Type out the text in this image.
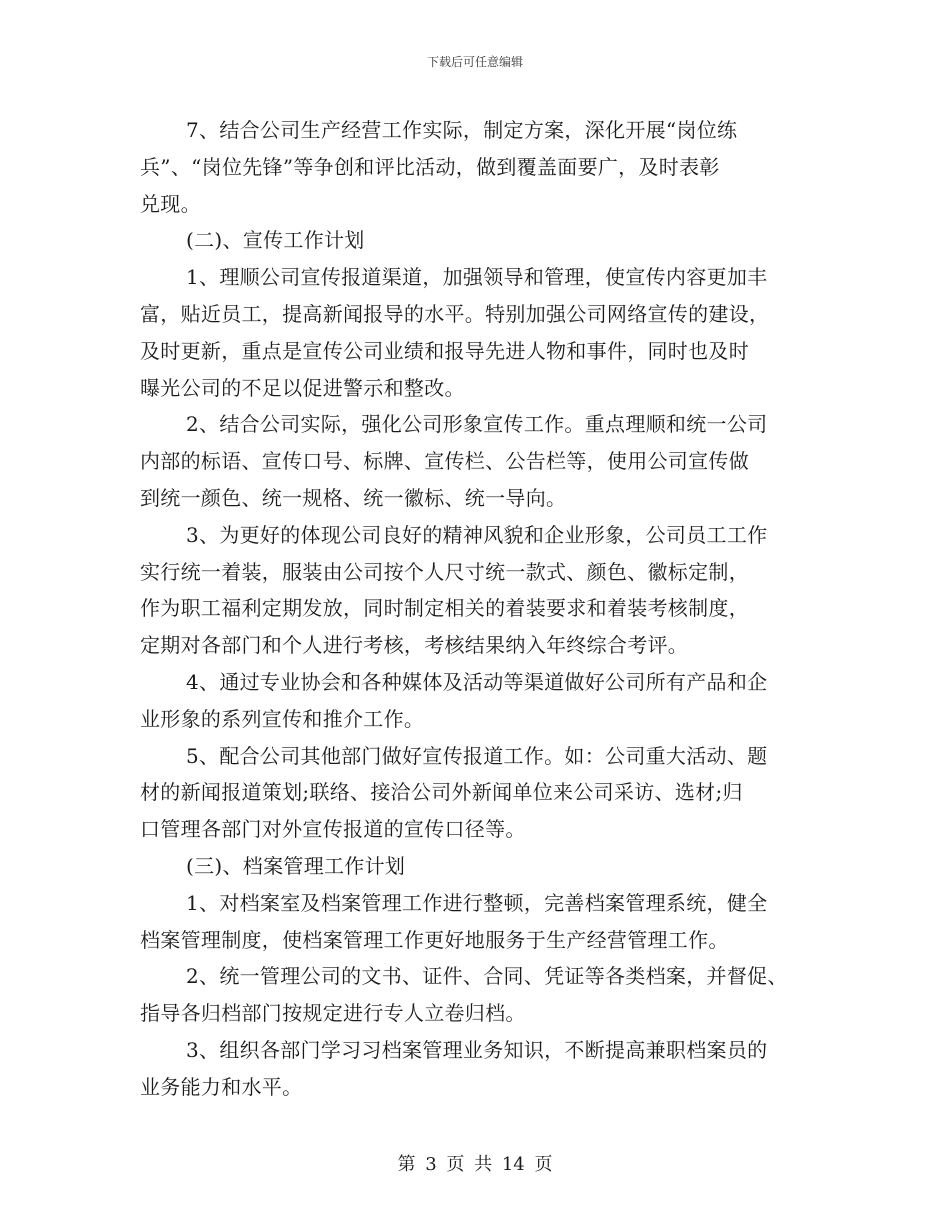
下载后可任意编辑
7、结合公司生产经营工作实际，制定方案，深化开展“岗位练
兵”、“岗位先锋”等争创和评比活动，做到覆盖面要广，及时表彰
兑现。
(二)、宣传工作计划
1、理顺公司宣传报道渠道，加强领导和管理，使宣传内容更加丰
富，贴近员工，提高新闻报导的水平。特别加强公司网络宣传的建设，
及时更新，重点是宣传公司业绩和报导先进人物和事件，同时也及时
曝光公司的不足以促进警示和整改。
2、结合公司实际，强化公司形象宣传工作。重点理顺和统一公司
内部的标语、宣传口号、标牌、宣传栏、公告栏等，使用公司宣传做
到统一颜色、统一规格、统一徽标、统一导向。
3、为更好的体现公司良好的精神风貌和企业形象，公司员工工作
实行统一着装，服装由公司按个人尺寸统一款式、颜色、徽标定制，
作为职工福利定期发放，同时制定相关的着装要求和着装考核制度，
定期对各部门和个人进行考核，考核结果纳入年终综合考评。
4、通过专业协会和各种媒体及活动等渠道做好公司所有产品和企
业形象的系列宣传和推介工作。
5、配合公司其他部门做好宣传报道工作。如：公司重大活动、题
材的新闻报道策划;联络、接洽公司外新闻单位来公司采访、选材;归
口管理各部门对外宣传报道的宣传口径等。
(三)、档案管理工作计划
1、对档案室及档案管理工作进行整顿，完善档案管理系统，健全
档案管理制度，使档案管理工作更好地服务于生产经营管理工作。
2、统一管理公司的文书、证件、合同、凭证等各类档案，并督促、
指导各归档部门按规定进行专人立卷归档。
3、组织各部门学习习档案管理业务知识，不断提高兼职档案员的
业务能力和水平。
第 3 页 共 14 页
